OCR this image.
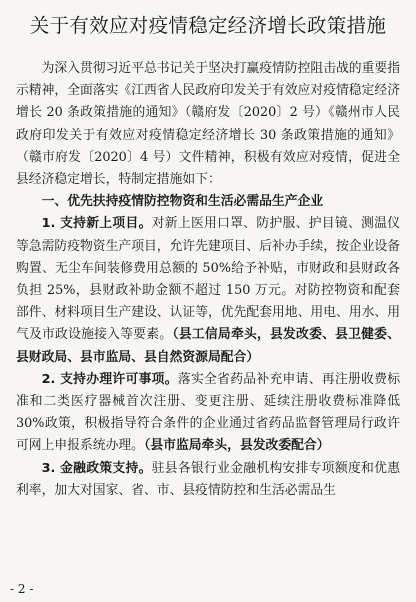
关于有效应对疫情稳定经济增长政策措施

为深入贯彻习近平总书记关于坚决打赢疫情防控阻击战的重要指示精神，全面落实《江西省人民政府印发关于有效应对疫情稳定经济增长 20 条政策措施的通知》（赣府发〔2020〕2 号）《赣州市人民政府印发关于有效应对疫情稳定经济增长 30 条政策措施的通知》（赣市府发〔2020〕4 号）文件精神，积极有效应对疫情，促进全县经济稳定增长，特制定措施如下：

一、优先扶持疫情防控物资和生活必需品生产企业

1. 支持新上项目。对新上医用口罩、防护服、护目镜、测温仪等急需防疫物资生产项目，允许先建项目、后补办手续，按企业设备购置、无尘车间装修费用总额的 50%给予补贴，市财政和县财政各负担 25%，县财政补助金额不超过 150 万元。对防控物资和配套部件、材料项目生产建设、认证等，优先配套用地、用电、用水、用气及市政设施接入等要素。（县工信局牵头，县发改委、县卫健委、县财政局、县市监局、县自然资源局配合）

2. 支持办理许可事项。落实全省药品补充申请、再注册收费标准和二类医疗器械首次注册、变更注册、延续注册收费标准降低 30%政策，积极指导符合条件的企业通过省药品监督管理局行政许可网上申报系统办理。（县市监局牵头，县发改委配合）

3. 金融政策支持。驻县各银行业金融机构安排专项额度和优惠利率，加大对国家、省、市、县疫情防控和生活必需品生

- 2 -
